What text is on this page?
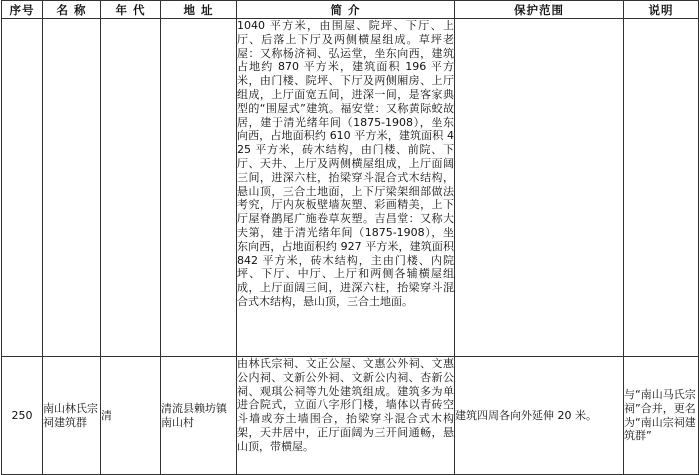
序号	名 称	年 代	地 址	简 介	保护范围	说明
				1040 平方米，由围屋、院坪、下厅、上厅、后落上下厅及两侧横屋组成。草坪老屋：又称杨济祠、弘运堂，坐东向西，建筑占地约 870 平方米，建筑面积 196 平方米，由门楼、院坪、下厅及两侧厢房、上厅组成，上厅面宽五间，进深一间，是客家典型的“围屋式”建筑。福安堂：又称黄际蛟故居，建于清光绪年间（1875-1908），坐东向西，占地面积约 610 平方米，建筑面积 425 平方米，砖木结构，由门楼、前院、下厅、天井、上厅及两侧横屋组成，上厅面阔三间，进深六柱，抬梁穿斗混合式木结构，悬山顶，三合土地面，上下厅梁架细部做法考究，厅内灰板壁墙灰塑、彩画精美，上下厅屋脊鹊尾广施卷草灰塑。吉昌堂：又称大夫第，建于清光绪年间（1875-1908），坐东向西，占地面积约 927 平方米，建筑面积 842 平方米，砖木结构，主由门楼、内院坪、下厅、中厅、上厅和两侧各辅横屋组成，上厅面阔三间，进深六柱，抬梁穿斗混合式木结构，悬山顶，三合土地面。		
250	南山林氏宗祠建筑群	清	清流县赖坊镇南山村	由林氏宗祠、文正公屋、文惠公外祠、文惠公内祠、文新公外祠、文新公内祠、杏新公祠、观琪公祠等九处建筑组成。建筑多为单进合院式，立面八字形门楼，墙体以青砖空斗墙或夯土墙围合，抬梁穿斗混合式木构架，天井居中，正厅面阔为三开间通畅，悬山顶，带横屋。	建筑四周各向外延伸 20 米。	与“南山马氏宗祠”合并，更名为“南山宗祠建筑群”
